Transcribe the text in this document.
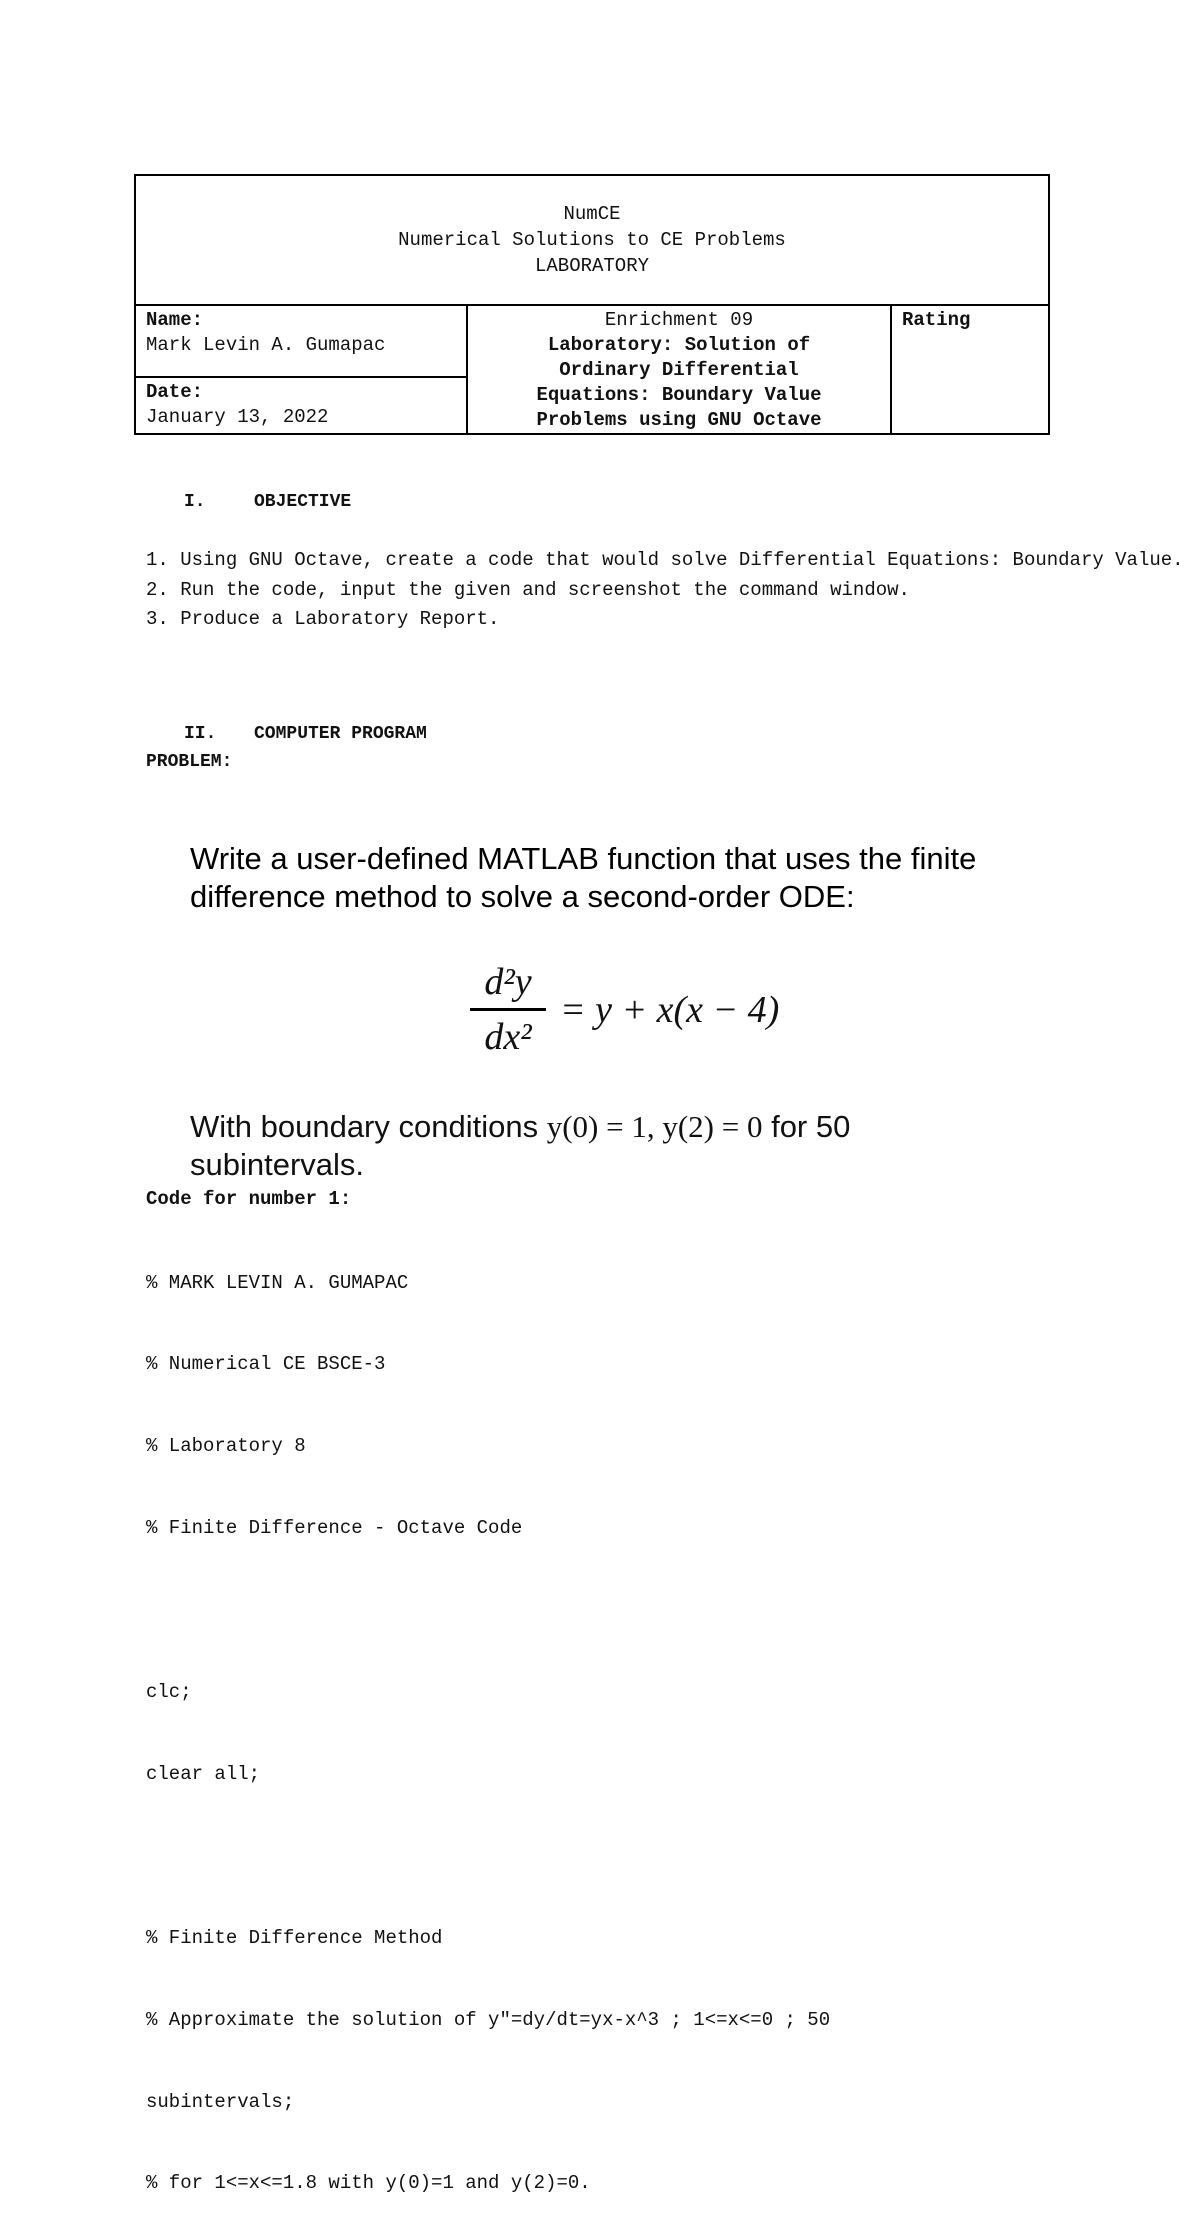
NumCE
Numerical Solutions to CE Problems
LABORATORY
Name:
Mark Levin A. Gumapac
Date:
January 13, 2022
Enrichment 09
Laboratory: Solution of
Ordinary Differential
Equations: Boundary Value
Problems using GNU Octave
Rating
I.	OBJECTIVE

1. Using GNU Octave, create a code that would solve Differential Equations: Boundary Value.

2. Run the code, input the given and screenshot the command window.

3. Produce a Laboratory Report.

II. COMPUTER PROGRAM
PROBLEM:
Write a user-defined MATLAB function that uses the finite
difference method to solve a second-order ODE:
d²y
dx²
= y + x(x − 4)
With boundary conditions y(0) = 1, y(2) = 0 for 50
subintervals.
Code for number 1:

% MARK LEVIN A. GUMAPAC

% Numerical CE BSCE-3

% Laboratory 8

% Finite Difference - Octave Code

clc;

clear all;

% Finite Difference Method

% Approximate the solution of y"=dy/dt=yx-x^3 ; 1<=x<=0 ; 50

subintervals;

% for 1<=x<=1.8 with y(0)=1 and y(2)=0.
